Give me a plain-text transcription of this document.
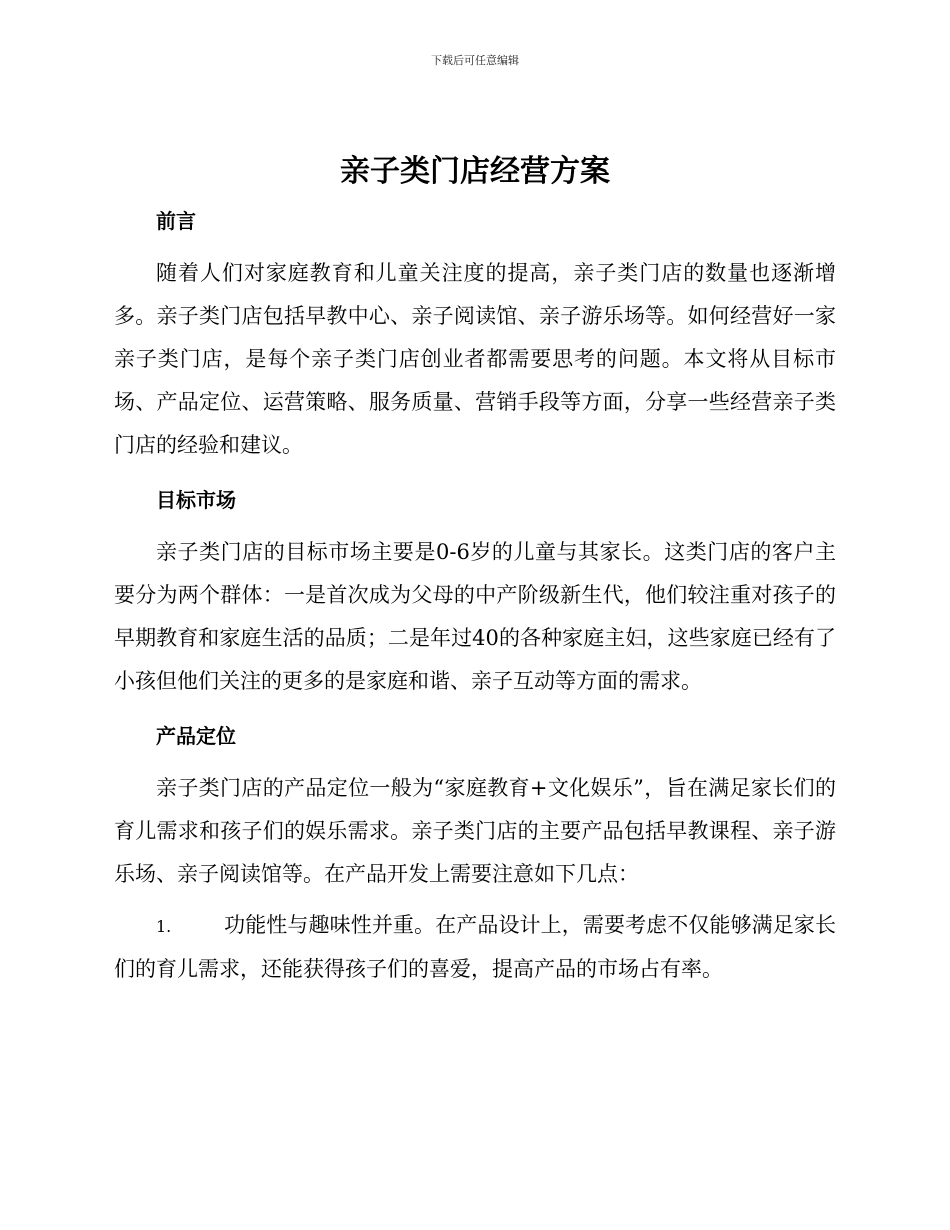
下载后可任意编辑
亲子类门店经营方案
前言

随着人们对家庭教育和儿童关注度的提高，亲子类门店的数量也逐渐增多。亲子类门店包括早教中心、亲子阅读馆、亲子游乐场等。如何经营好一家亲子类门店，是每个亲子类门店创业者都需要思考的问题。本文将从目标市场、产品定位、运营策略、服务质量、营销手段等方面，分享一些经营亲子类门店的经验和建议。

目标市场

亲子类门店的目标市场主要是0-6岁的儿童与其家长。这类门店的客户主要分为两个群体：一是首次成为父母的中产阶级新生代，他们较注重对孩子的早期教育和家庭生活的品质；二是年过40的各种家庭主妇，这些家庭已经有了小孩但他们关注的更多的是家庭和谐、亲子互动等方面的需求。

产品定位

亲子类门店的产品定位一般为“家庭教育+文化娱乐”，旨在满足家长们的育儿需求和孩子们的娱乐需求。亲子类门店的主要产品包括早教课程、亲子游乐场、亲子阅读馆等。在产品开发上需要注意如下几点：

1.	功能性与趣味性并重。在产品设计上，需要考虑不仅能够满足家长们的育儿需求，还能获得孩子们的喜爱，提高产品的市场占有率。
